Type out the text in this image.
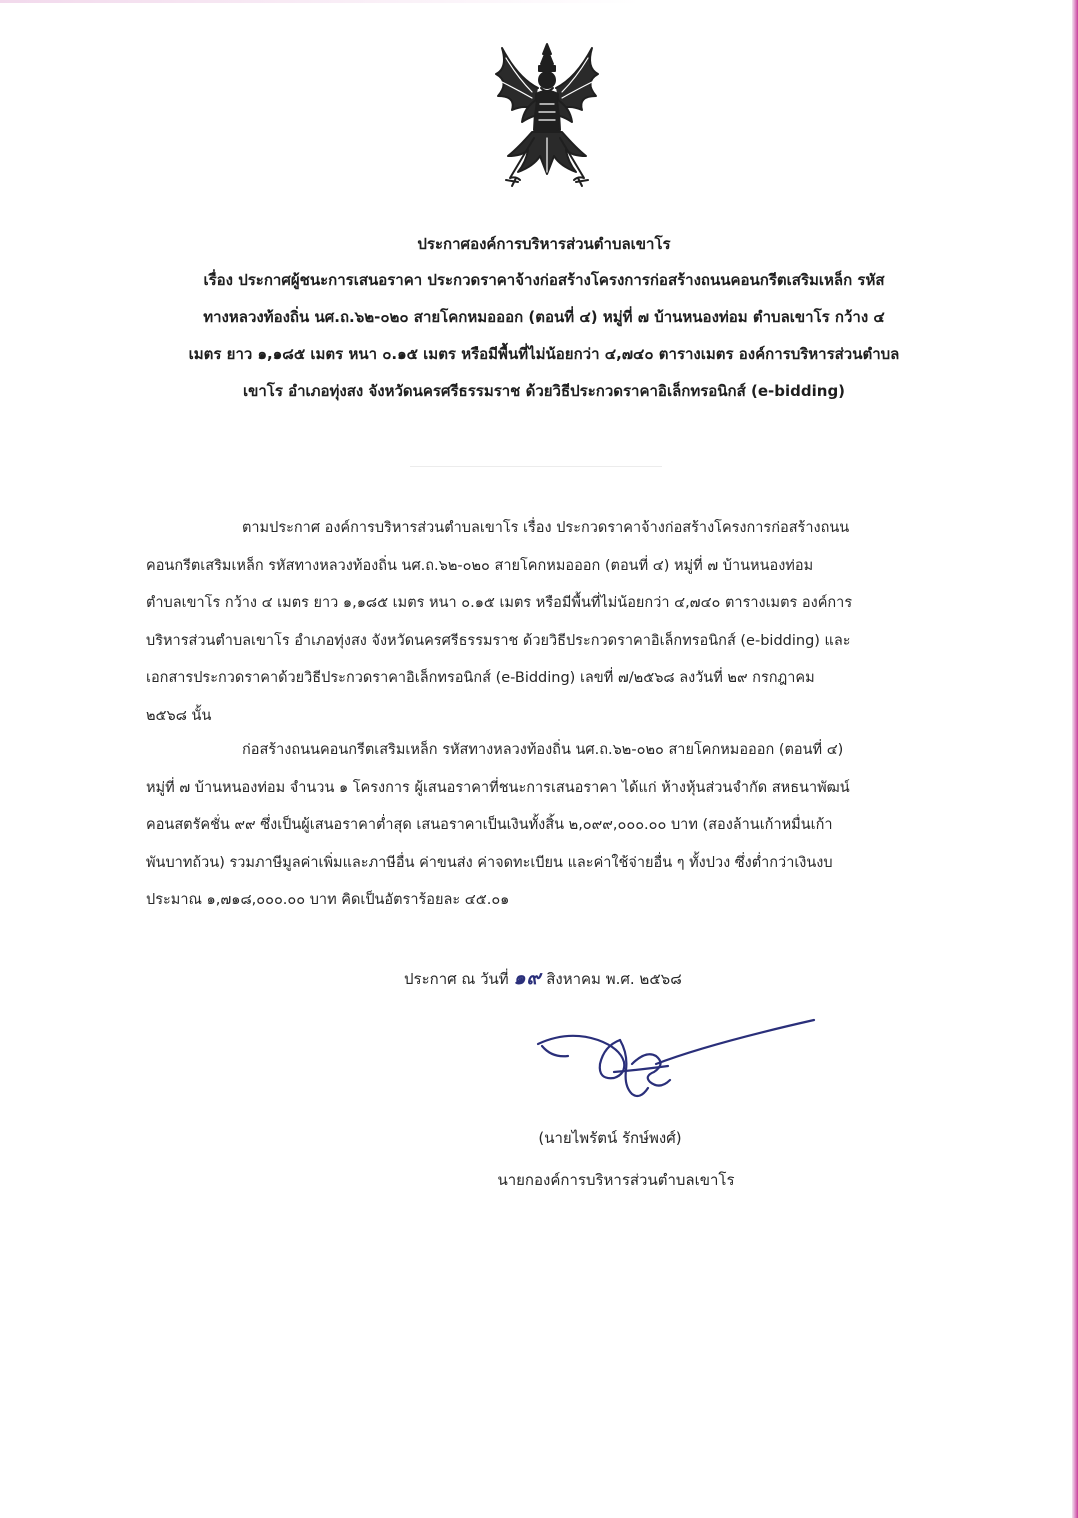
ประกาศองค์การบริหารส่วนตำบลเขาโร
เรื่อง ประกาศผู้ชนะการเสนอราคา ประกวดราคาจ้างก่อสร้างโครงการก่อสร้างถนนคอนกรีตเสริมเหล็ก รหัส
ทางหลวงท้องถิ่น นศ.ถ.๖๒-๐๒๐ สายโคกหมอออก (ตอนที่ ๔) หมู่ที่ ๗ บ้านหนองท่อม ตำบลเขาโร กว้าง ๔
เมตร ยาว ๑,๑๘๕ เมตร หนา ๐.๑๕ เมตร หรือมีพื้นที่ไม่น้อยกว่า ๔,๗๔๐ ตารางเมตร องค์การบริหารส่วนตำบล
เขาโร อำเภอทุ่งสง จังหวัดนครศรีธรรมราช ด้วยวิธีประกวดราคาอิเล็กทรอนิกส์ (e-bidding)
ตามประกาศ องค์การบริหารส่วนตำบลเขาโร เรื่อง ประกวดราคาจ้างก่อสร้างโครงการก่อสร้างถนน
คอนกรีตเสริมเหล็ก รหัสทางหลวงท้องถิ่น นศ.ถ.๖๒-๐๒๐ สายโคกหมอออก (ตอนที่ ๔) หมู่ที่ ๗ บ้านหนองท่อม
ตำบลเขาโร กว้าง ๔ เมตร ยาว ๑,๑๘๕ เมตร หนา ๐.๑๕ เมตร หรือมีพื้นที่ไม่น้อยกว่า ๔,๗๔๐ ตารางเมตร องค์การ
บริหารส่วนตำบลเขาโร อำเภอทุ่งสง จังหวัดนครศรีธรรมราช ด้วยวิธีประกวดราคาอิเล็กทรอนิกส์ (e-bidding) และ
เอกสารประกวดราคาด้วยวิธีประกวดราคาอิเล็กทรอนิกส์ (e-Bidding) เลขที่ ๗/๒๕๖๘ ลงวันที่ ๒๙ กรกฎาคม
๒๕๖๘ นั้น
ก่อสร้างถนนคอนกรีตเสริมเหล็ก รหัสทางหลวงท้องถิ่น นศ.ถ.๖๒-๐๒๐ สายโคกหมอออก (ตอนที่ ๔)
หมู่ที่ ๗ บ้านหนองท่อม จำนวน ๑ โครงการ ผู้เสนอราคาที่ชนะการเสนอราคา ได้แก่ ห้างหุ้นส่วนจำกัด สหธนาพัฒน์
คอนสตรัคชั่น ๙๙ ซึ่งเป็นผู้เสนอราคาต่ำสุด เสนอราคาเป็นเงินทั้งสิ้น ๒,๐๙๙,๐๐๐.๐๐ บาท (สองล้านเก้าหมื่นเก้า
พันบาทถ้วน) รวมภาษีมูลค่าเพิ่มและภาษีอื่น ค่าขนส่ง ค่าจดทะเบียน และค่าใช้จ่ายอื่น ๆ ทั้งปวง ซึ่งต่ำกว่าเงินงบ
ประมาณ ๑,๗๑๘,๐๐๐.๐๐ บาท คิดเป็นอัตราร้อยละ ๔๕.๐๑
ประกาศ ณ วันที่ ๑๙ สิงหาคม พ.ศ. ๒๕๖๘
(นายไพรัตน์ รักษ์พงศ์)
นายกองค์การบริหารส่วนตำบลเขาโร
